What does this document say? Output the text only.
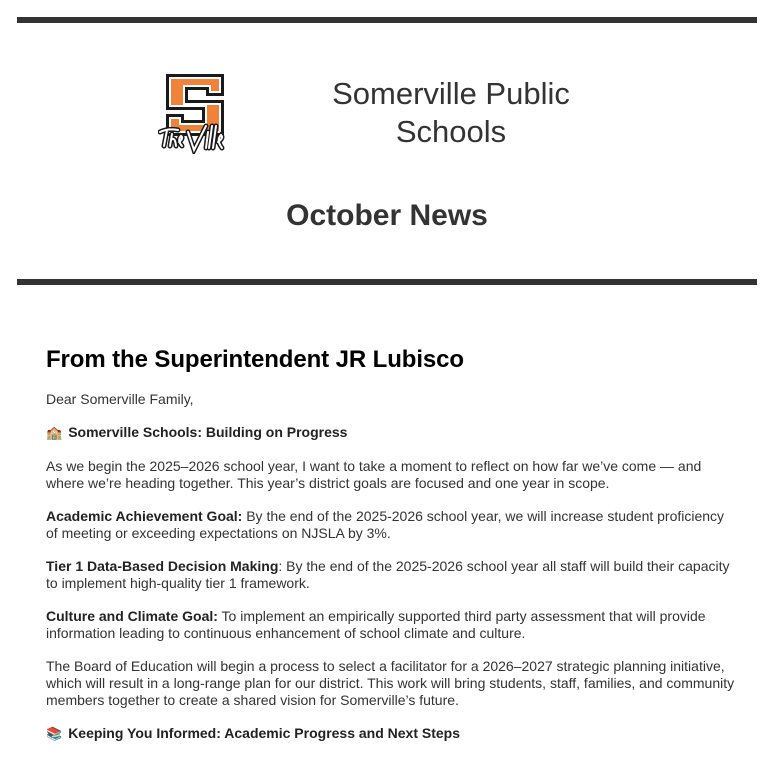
Somerville Public
Schools
October News
From the Superintendent JR Lubisco

Dear Somerville Family,

🏫 Somerville Schools: Building on Progress

As we begin the 2025–2026 school year, I want to take a moment to reflect on how far we’ve come — and where we’re heading together. This year’s district goals are focused and one year in scope.

Academic Achievement Goal: By the end of the 2025-2026 school year, we will increase student proficiency of meeting or exceeding expectations on NJSLA by 3%.

Tier 1 Data-Based Decision Making: By the end of the 2025-2026 school year all staff will build their capacity to implement high-quality tier 1 framework.

Culture and Climate Goal: To implement an empirically supported third party assessment that will provide information leading to continuous enhancement of school climate and culture.

The Board of Education will begin a process to select a facilitator for a 2026–2027 strategic planning initiative, which will result in a long-range plan for our district. This work will bring students, staff, families, and community members together to create a shared vision for Somerville’s future.

📚 Keeping You Informed: Academic Progress and Next Steps
